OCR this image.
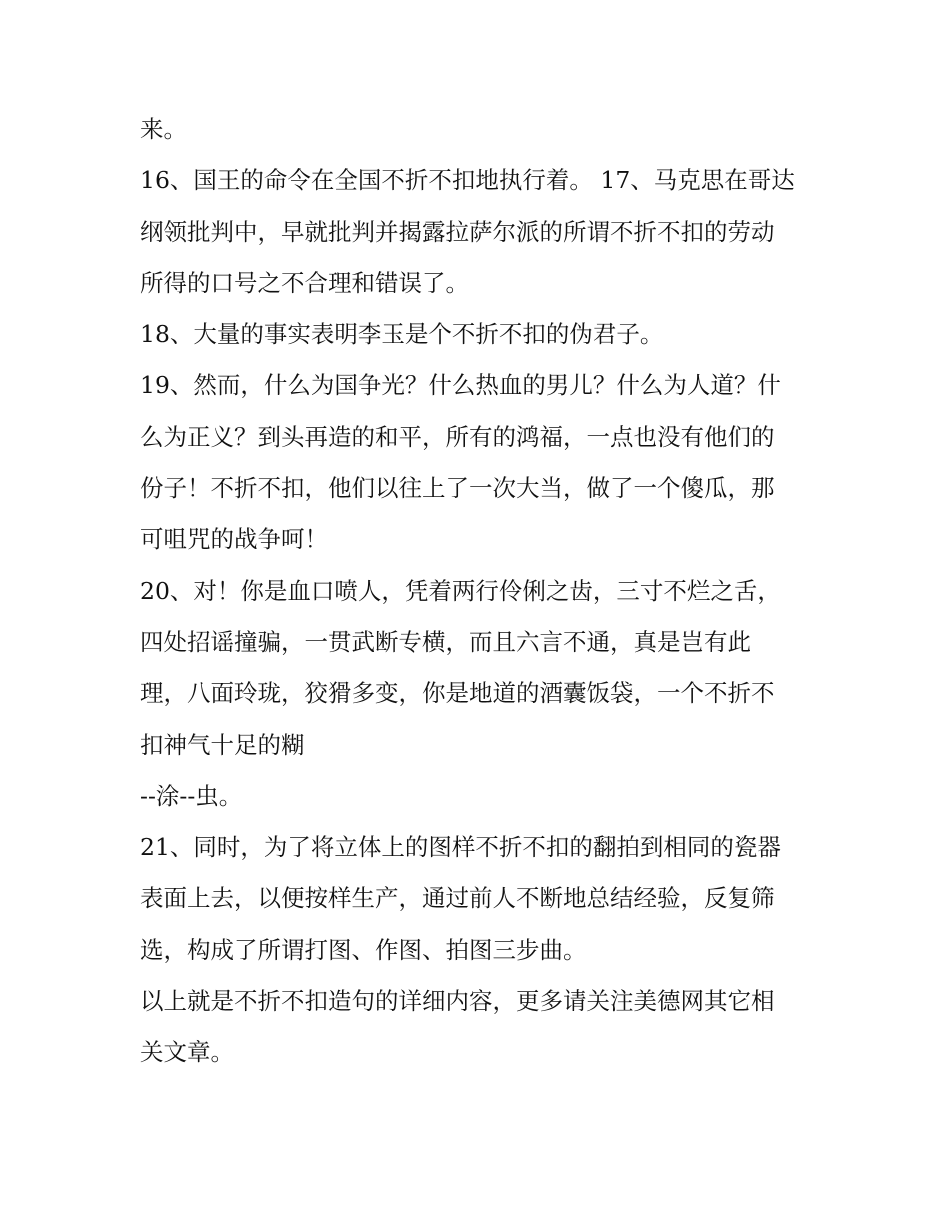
来。
16、国王的命令在全国不折不扣地执行着。 17、马克思在哥达
纲领批判中，早就批判并揭露拉萨尔派的所谓不折不扣的劳动
所得的口号之不合理和错误了。
18、大量的事实表明李玉是个不折不扣的伪君子。
19、然而，什么为国争光？什么热血的男儿？什么为人道？什
么为正义？到头再造的和平，所有的鸿福，一点也没有他们的
份子！不折不扣，他们以往上了一次大当，做了一个傻瓜，那
可咀咒的战争呵！
20、对！你是血口喷人，凭着两行伶俐之齿，三寸不烂之舌，
四处招谣撞骗，一贯武断专横，而且六言不通，真是岂有此
理，八面玲珑，狡猾多变，你是地道的酒囊饭袋，一个不折不
扣神气十足的糊
--涂--虫。
21、同时，为了将立体上的图样不折不扣的翻拍到相同的瓷器
表面上去，以便按样生产，通过前人不断地总结经验，反复筛
选，构成了所谓打图、作图、拍图三步曲。
以上就是不折不扣造句的详细内容，更多请关注美德网其它相
关文章。
